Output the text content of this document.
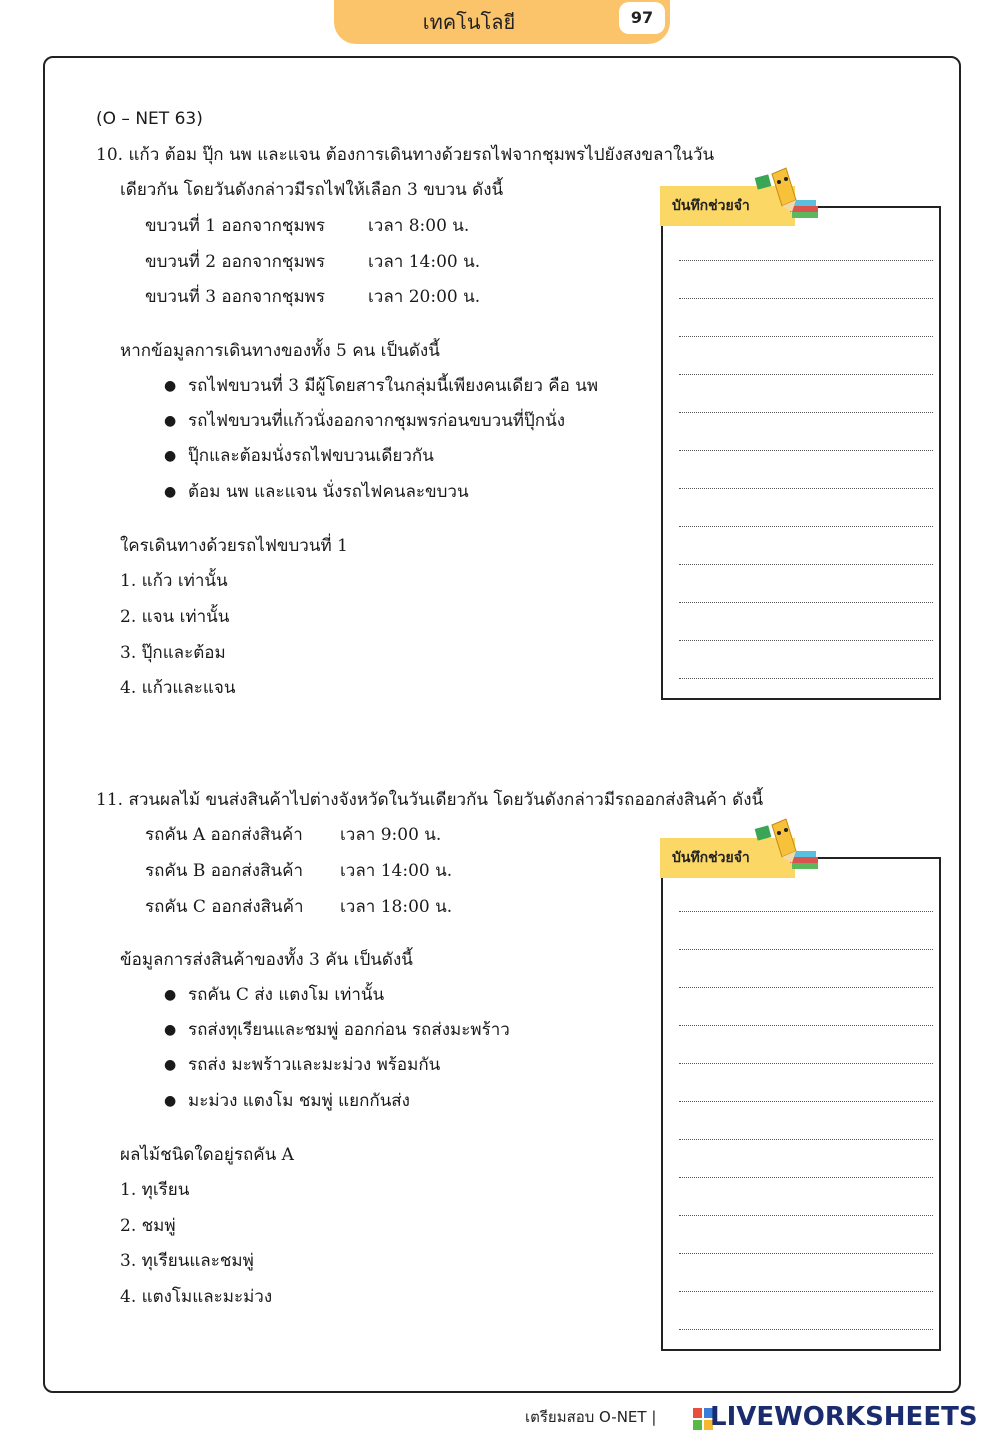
เทคโนโลยี	97
(O – NET 63)
10. แก้ว ต้อม ปุ๊ก นพ และแจน ต้องการเดินทางด้วยรถไฟจากชุมพรไปยังสงขลาในวัน
เดียวกัน โดยวันดังกล่าวมีรถไฟให้เลือก 3 ขบวน ดังนี้
ขบวนที่ 1 ออกจากชุมพร	เวลา 8:00 น.
ขบวนที่ 2 ออกจากชุมพร	เวลา 14:00 น.
ขบวนที่ 3 ออกจากชุมพร	เวลา 20:00 น.
หากข้อมูลการเดินทางของทั้ง 5 คน เป็นดังนี้
● รถไฟขบวนที่ 3 มีผู้โดยสารในกลุ่มนี้เพียงคนเดียว คือ นพ
● รถไฟขบวนที่แก้วนั่งออกจากชุมพรก่อนขบวนที่ปุ๊กนั่ง
● ปุ๊กและต้อมนั่งรถไฟขบวนเดียวกัน
● ต้อม นพ และแจน นั่งรถไฟคนละขบวน
ใครเดินทางด้วยรถไฟขบวนที่ 1
1. แก้ว เท่านั้น
2. แจน เท่านั้น
3. ปุ๊กและต้อม
4. แก้วและแจน
บันทึกช่วยจำ
11. สวนผลไม้ ขนส่งสินค้าไปต่างจังหวัดในวันเดียวกัน โดยวันดังกล่าวมีรถออกส่งสินค้า ดังนี้
รถคัน A ออกส่งสินค้า เวลา 9:00 น.
รถคัน B ออกส่งสินค้า เวลา 14:00 น.
รถคัน C ออกส่งสินค้า เวลา 18:00 น.
ข้อมูลการส่งสินค้าของทั้ง 3 คัน เป็นดังนี้
● รถคัน C ส่ง แตงโม เท่านั้น
● รถส่งทุเรียนและชมพู่ ออกก่อน รถส่งมะพร้าว
● รถส่ง มะพร้าวและมะม่วง พร้อมกัน
● มะม่วง แตงโม ชมพู่ แยกกันส่ง
ผลไม้ชนิดใดอยู่รถคัน A
1. ทุเรียน
2. ชมพู่
3. ทุเรียนและชมพู่
4. แตงโมและมะม่วง
บันทึกช่วยจำ
เตรียมสอบ O-NET | LIVEWORKSHEETS
